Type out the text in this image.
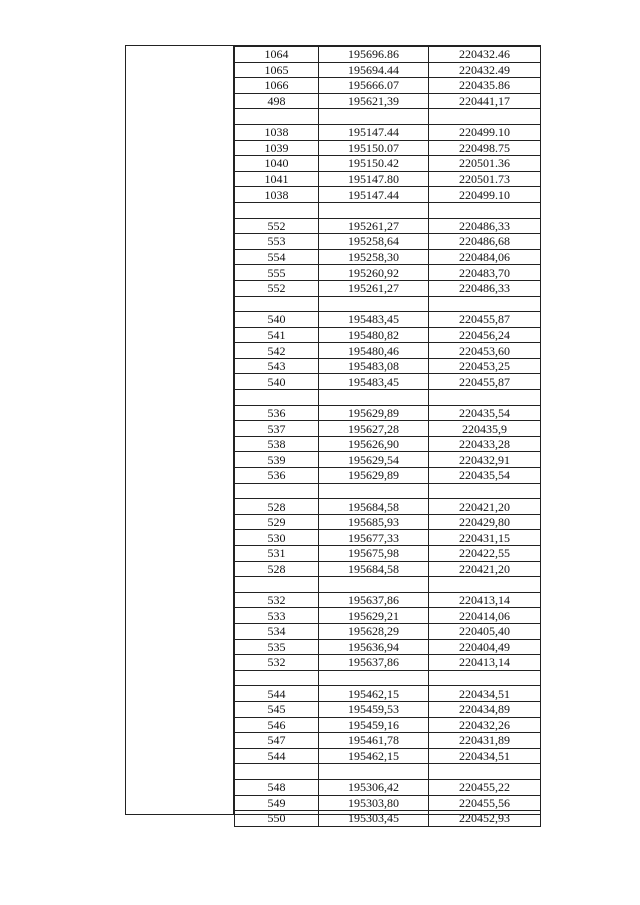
1064	195696.86	220432.46
1065	195694.44	220432.49
1066	195666.07	220435.86
498	195621,39	220441,17

1038	195147.44	220499.10
1039	195150.07	220498.75
1040	195150.42	220501.36
1041	195147.80	220501.73
1038	195147.44	220499.10

552	195261,27	220486,33
553	195258,64	220486,68
554	195258,30	220484,06
555	195260,92	220483,70
552	195261,27	220486,33

540	195483,45	220455,87
541	195480,82	220456,24
542	195480,46	220453,60
543	195483,08	220453,25
540	195483,45	220455,87

536	195629,89	220435,54
537	195627,28	220435,9
538	195626,90	220433,28
539	195629,54	220432,91
536	195629,89	220435,54

528	195684,58	220421,20
529	195685,93	220429,80
530	195677,33	220431,15
531	195675,98	220422,55
528	195684,58	220421,20

532	195637,86	220413,14
533	195629,21	220414,06
534	195628,29	220405,40
535	195636,94	220404,49
532	195637,86	220413,14

544	195462,15	220434,51
545	195459,53	220434,89
546	195459,16	220432,26
547	195461,78	220431,89
544	195462,15	220434,51

548	195306,42	220455,22
549	195303,80	220455,56
550	195303,45	220452,93
